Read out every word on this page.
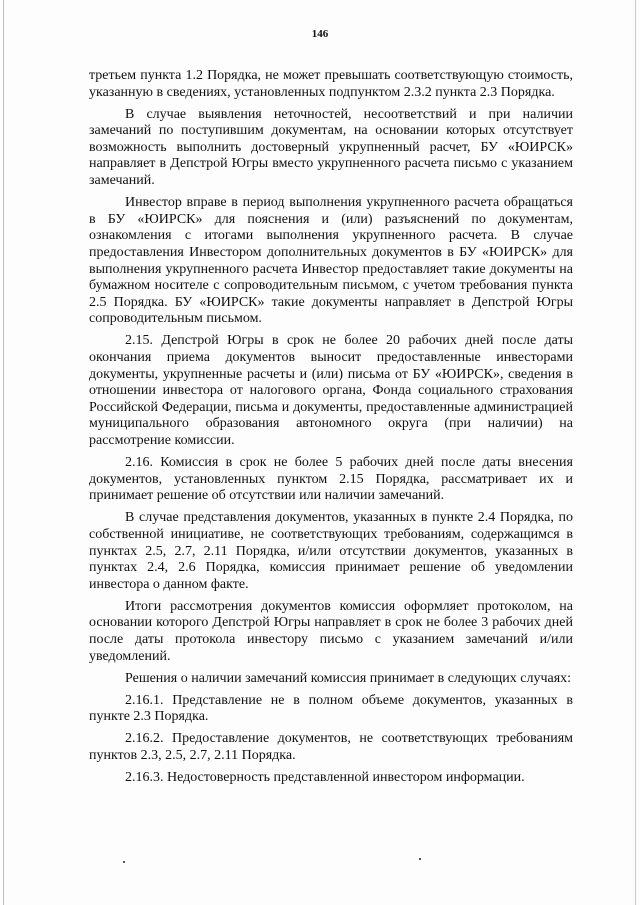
146

третьем пункта 1.2 Порядка, не может превышать соответствующую стоимость, указанную в сведениях, установленных подпунктом 2.3.2 пункта 2.3 Порядка.

В случае выявления неточностей, несоответствий и при наличии замечаний по поступившим документам, на основании которых отсутствует возможность выполнить достоверный укрупненный расчет, БУ «ЮИРСК» направляет в Депстрой Югры вместо укрупненного расчета письмо с указанием замечаний.

Инвестор вправе в период выполнения укрупненного расчета обращаться в БУ «ЮИРСК» для пояснения и (или) разъяснений по документам, ознакомления с итогами выполнения укрупненного расчета. В случае предоставления Инвестором дополнительных документов в БУ «ЮИРСК» для выполнения укрупненного расчета Инвестор предоставляет такие документы на бумажном носителе с сопроводительным письмом, с учетом требования пункта 2.5 Порядка. БУ «ЮИРСК» такие документы направляет в Депстрой Югры сопроводительным письмом.

2.15. Депстрой Югры в срок не более 20 рабочих дней после даты окончания приема документов выносит предоставленные инвесторами документы, укрупненные расчеты и (или) письма от БУ «ЮИРСК», сведения в отношении инвестора от налогового органа, Фонда социального страхования Российской Федерации, письма и документы, предоставленные администрацией муниципального образования автономного округа (при наличии) на рассмотрение комиссии.

2.16. Комиссия в срок не более 5 рабочих дней после даты внесения документов, установленных пунктом 2.15 Порядка, рассматривает их и принимает решение об отсутствии или наличии замечаний.

В случае представления документов, указанных в пункте 2.4 Порядка, по собственной инициативе, не соответствующих требованиям, содержащимся в пунктах 2.5, 2.7, 2.11 Порядка, и/или отсутствии документов, указанных в пунктах 2.4, 2.6 Порядка, комиссия принимает решение об уведомлении инвестора о данном факте.

Итоги рассмотрения документов комиссия оформляет протоколом, на основании которого Депстрой Югры направляет в срок не более 3 рабочих дней после даты протокола инвестору письмо с указанием замечаний и/или уведомлений.

Решения о наличии замечаний комиссия принимает в следующих случаях:

2.16.1. Представление не в полном объеме документов, указанных в пункте 2.3 Порядка.

2.16.2. Предоставление документов, не соответствующих требованиям пунктов 2.3, 2.5, 2.7, 2.11 Порядка.

2.16.3. Недостоверность представленной инвестором информации.
